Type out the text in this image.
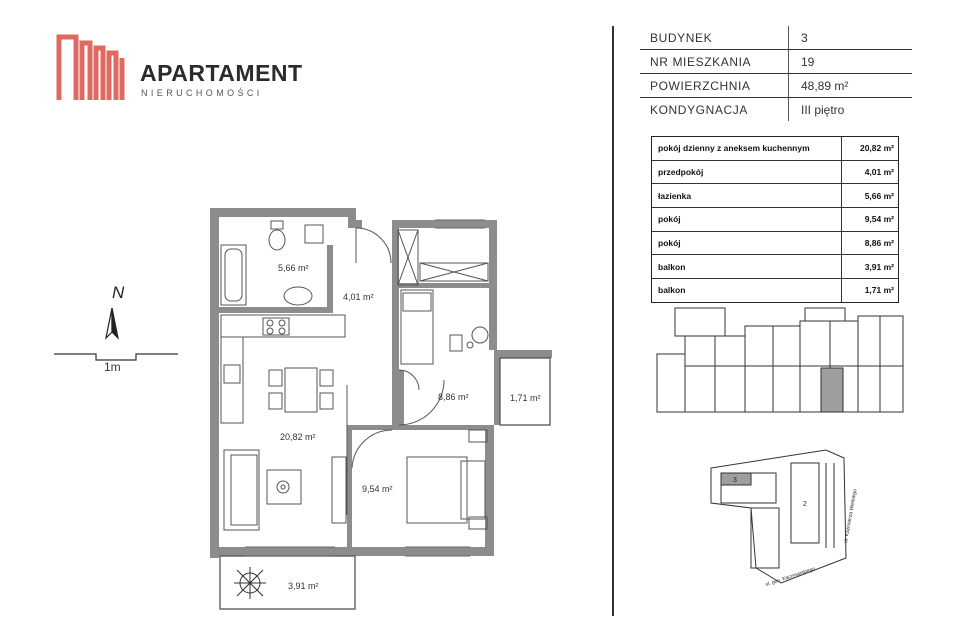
APARTAMENT
NIERUCHOMOŚCI
N
1m
5,66 m²
4,01 m²
8,86 m²	1,71 m²
20,82 m²
9,54 m²
3,91 m²
BUDYNEK	3
NR MIESZKANIA	19
POWIERZCHNIA	48,89 m²
KONDYGNACJA	III piętro
pokój dzienny z aneksem kuchennym	20,82 m²
przedpokój	4,01 m²
łazienka	5,66 m²
pokój	9,54 m²
pokój	8,86 m²
balkon	3,91 m²
balkon	1,71 m²
3
2
ul. gen. Kaczmarskiego
ul. Kazimierza Wielkiego
